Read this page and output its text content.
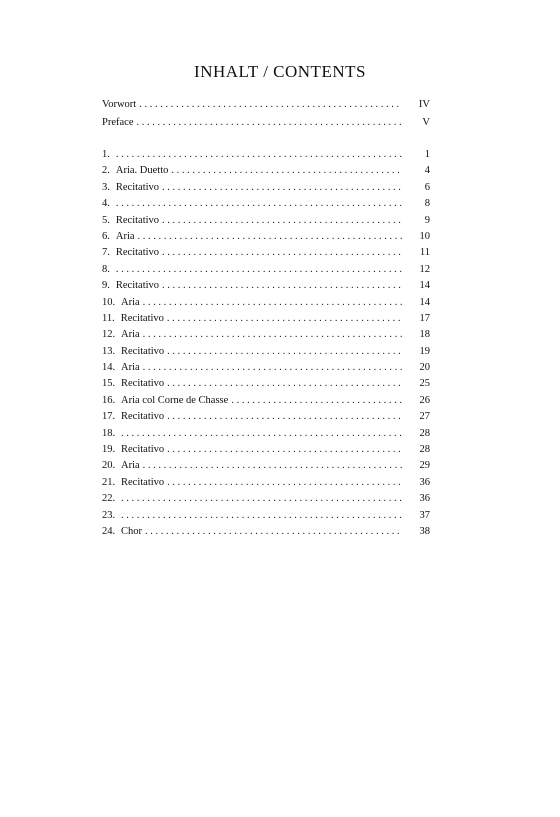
INHALT / CONTENTS
Vorwort . . .	IV
Preface . . .	V
1. . . .	1
2. Aria. Duetto . . .	4
3. Recitativo . . .	6
4. . . .	8
5. Recitativo . . .	9
6. Aria . . .	10
7. Recitativo . . .	11
8. . . .	12
9. Recitativo . . .	14
10. Aria . . .	14
11. Recitativo . . .	17
12. Aria . . .	18
13. Recitativo . . .	19
14. Aria . . .	20
15. Recitativo . . .	25
16. Aria col Corne de Chasse . . .	26
17. Recitativo . . .	27
18. . . .	28
19. Recitativo . . .	28
20. Aria . . .	29
21. Recitativo . . .	36
22. . . .	36
23. . . .	37
24. Chor . . .	38
